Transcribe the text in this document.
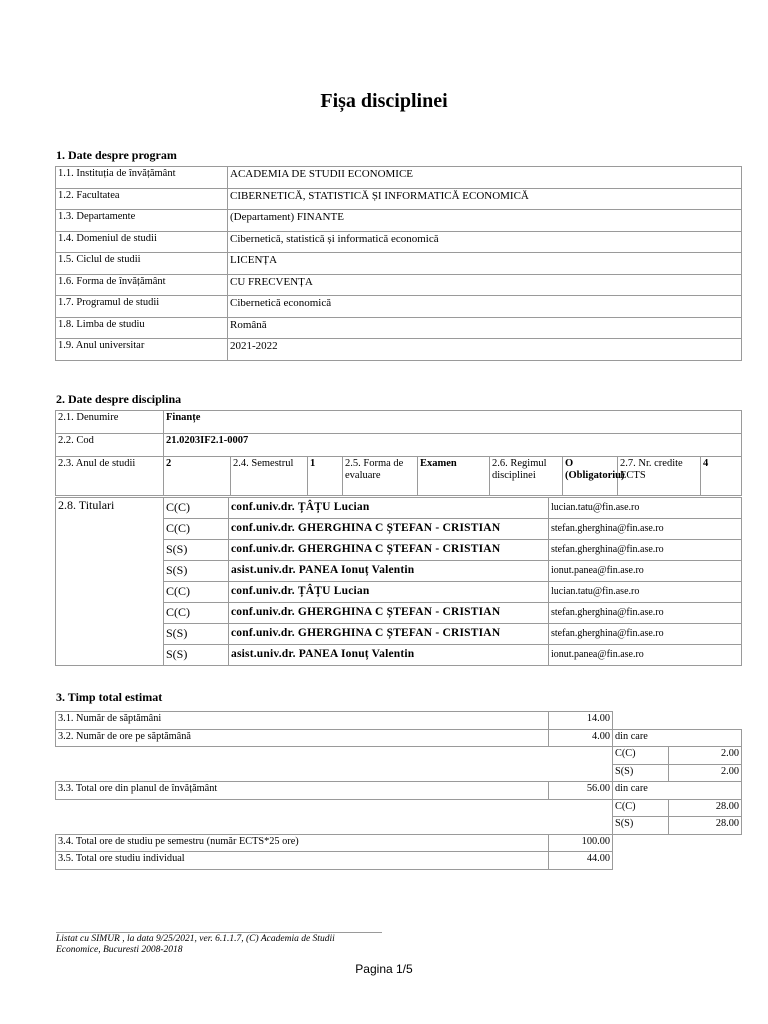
Fișa disciplinei
1. Date despre program
1.1. Instituția de învățământ	ACADEMIA DE STUDII ECONOMICE
1.2. Facultatea	CIBERNETICĂ, STATISTICĂ ȘI INFORMATICĂ ECONOMICĂ
1.3. Departamente	(Departament) FINANTE
1.4. Domeniul de studii	Cibernetică, statistică și informatică economică
1.5. Ciclul de studii	LICENȚA
1.6. Forma de învățământ	CU FRECVENȚA
1.7. Programul de studii	Cibernetică economică
1.8. Limba de studiu	Română
1.9. Anul universitar	2021-2022
2. Date despre disciplina
2.1. Denumire	Finanțe								
2.2. Cod	21.0203IF2.1-0007								
2.3. Anul de studii	2	2.4. Semestrul	1	2.5. Forma de evaluare	Examen	2.6. Regimul disciplinei	O (Obligatoriu)	2.7. Nr. credite ECTS	4
2.8. Titulari	C(C)	conf.univ.dr. ȚÂȚU Lucian	lucian.tatu@fin.ase.ro
	C(C)	conf.univ.dr. GHERGHINA C ȘTEFAN - CRISTIAN	stefan.gherghina@fin.ase.ro
	S(S)	conf.univ.dr. GHERGHINA C ȘTEFAN - CRISTIAN	stefan.gherghina@fin.ase.ro
	S(S)	asist.univ.dr. PANEA Ionuț Valentin	ionut.panea@fin.ase.ro
	C(C)	conf.univ.dr. ȚÂȚU Lucian	lucian.tatu@fin.ase.ro
	C(C)	conf.univ.dr. GHERGHINA C ȘTEFAN - CRISTIAN	stefan.gherghina@fin.ase.ro
	S(S)	conf.univ.dr. GHERGHINA C ȘTEFAN - CRISTIAN	stefan.gherghina@fin.ase.ro
	S(S)	asist.univ.dr. PANEA Ionuț Valentin	ionut.panea@fin.ase.ro
3. Timp total estimat
3.1. Număr de săptămâni	14.00		
3.2. Număr de ore pe săptămână	4.00	din care	
		C(C)	2.00
		S(S)	2.00
3.3. Total ore din planul de învățământ	56.00	din care	
		C(C)	28.00
		S(S)	28.00
3.4. Total ore de studiu pe semestru (număr ECTS*25 ore)	100.00		
3.5. Total ore studiu individual	44.00		
Listat cu SIMUR , la data 9/25/2021, ver. 6.1.1.7, (C) Academia de Studii
Economice, Bucuresti 2008-2018
Pagina 1/5
